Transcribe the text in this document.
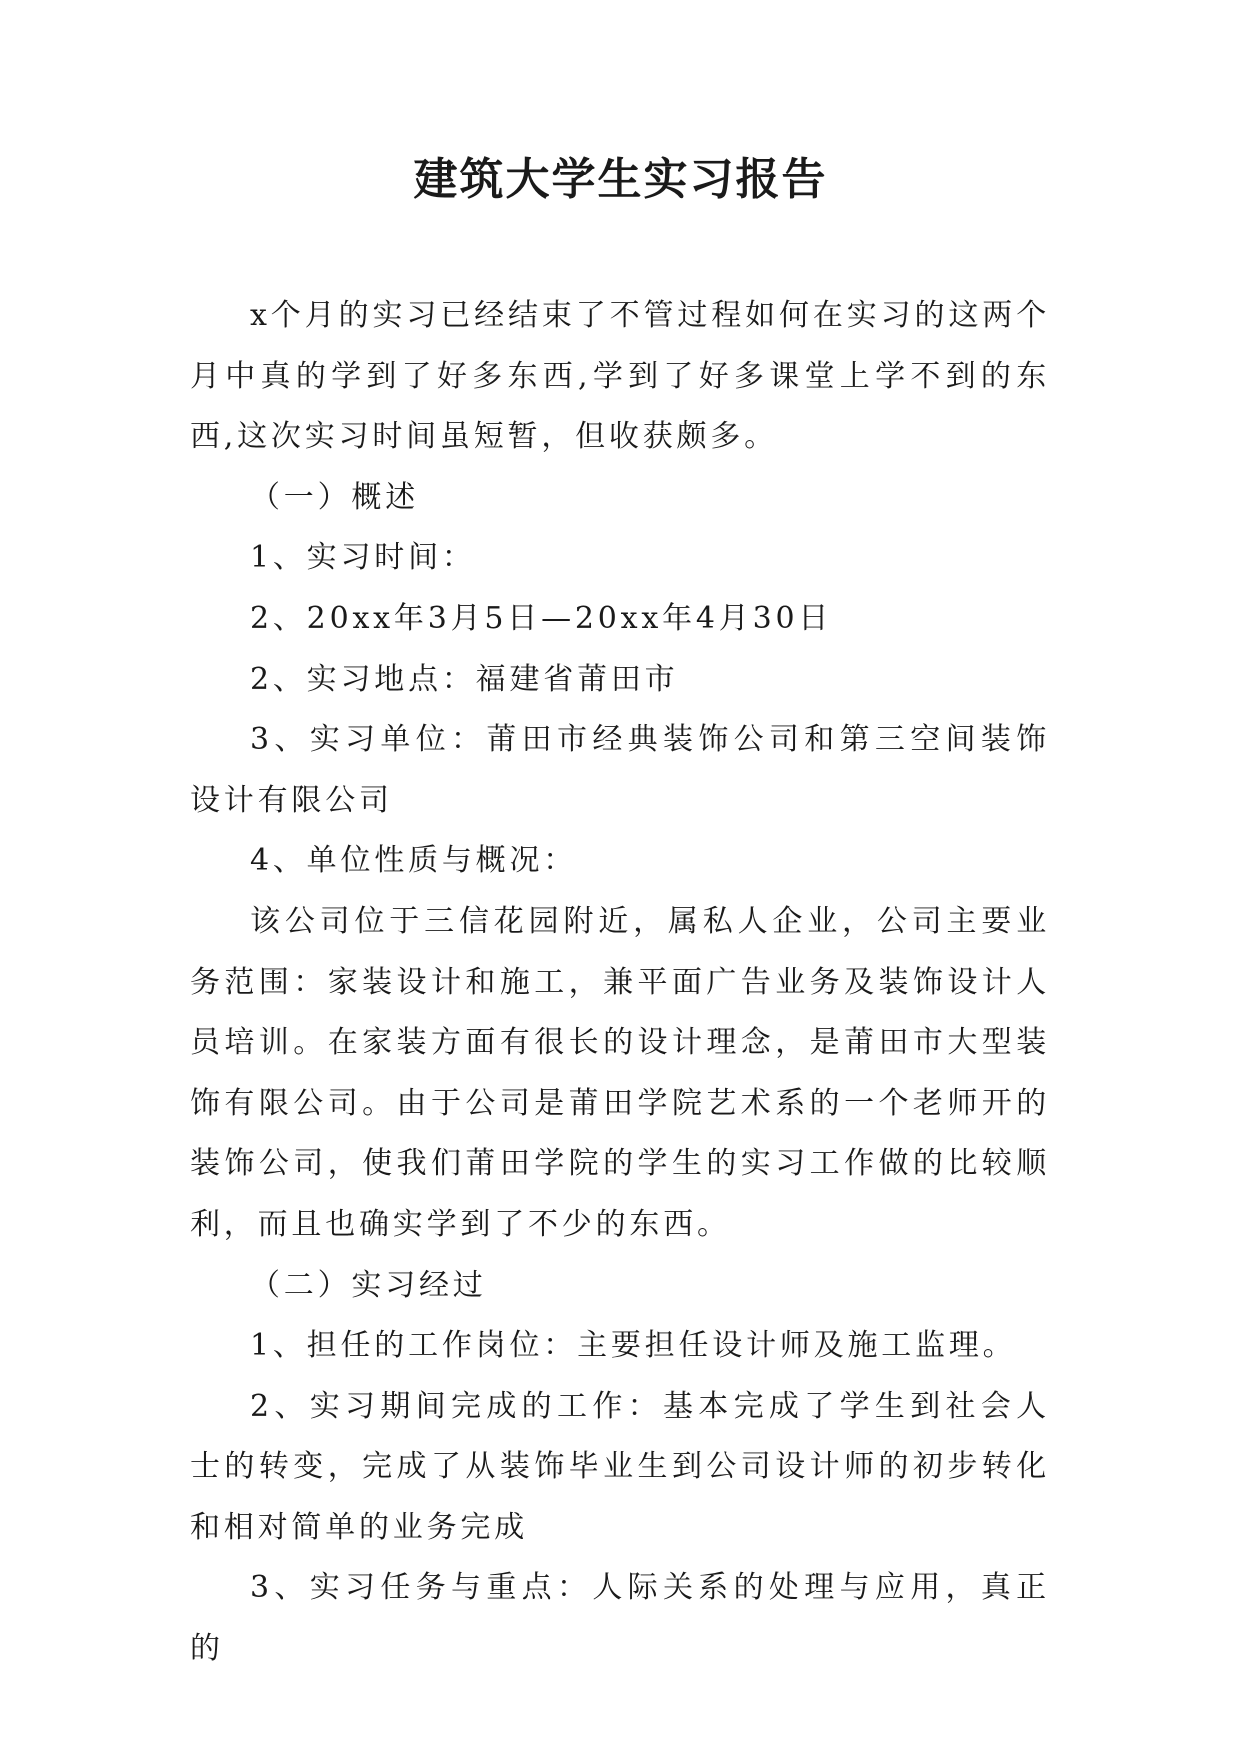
建筑大学生实习报告

x个月的实习已经结束了不管过程如何在实习的这两个月中真的学到了好多东西,学到了好多课堂上学不到的东西,这次实习时间虽短暂，但收获颇多。

（一）概述

1、实习时间：

2、20xx年3月5日—20xx年4月30日

2、实习地点：福建省莆田市

3、实习单位：莆田市经典装饰公司和第三空间装饰设计有限公司

4、单位性质与概况：

该公司位于三信花园附近，属私人企业，公司主要业务范围：家装设计和施工，兼平面广告业务及装饰设计人员培训。在家装方面有很长的设计理念，是莆田市大型装饰有限公司。由于公司是莆田学院艺术系的一个老师开的装饰公司，使我们莆田学院的学生的实习工作做的比较顺利，而且也确实学到了不少的东西。

（二）实习经过

1、担任的工作岗位：主要担任设计师及施工监理。

2、实习期间完成的工作：基本完成了学生到社会人士的转变，完成了从装饰毕业生到公司设计师的初步转化和相对简单的业务完成

3、实习任务与重点：人际关系的处理与应用，真正的
